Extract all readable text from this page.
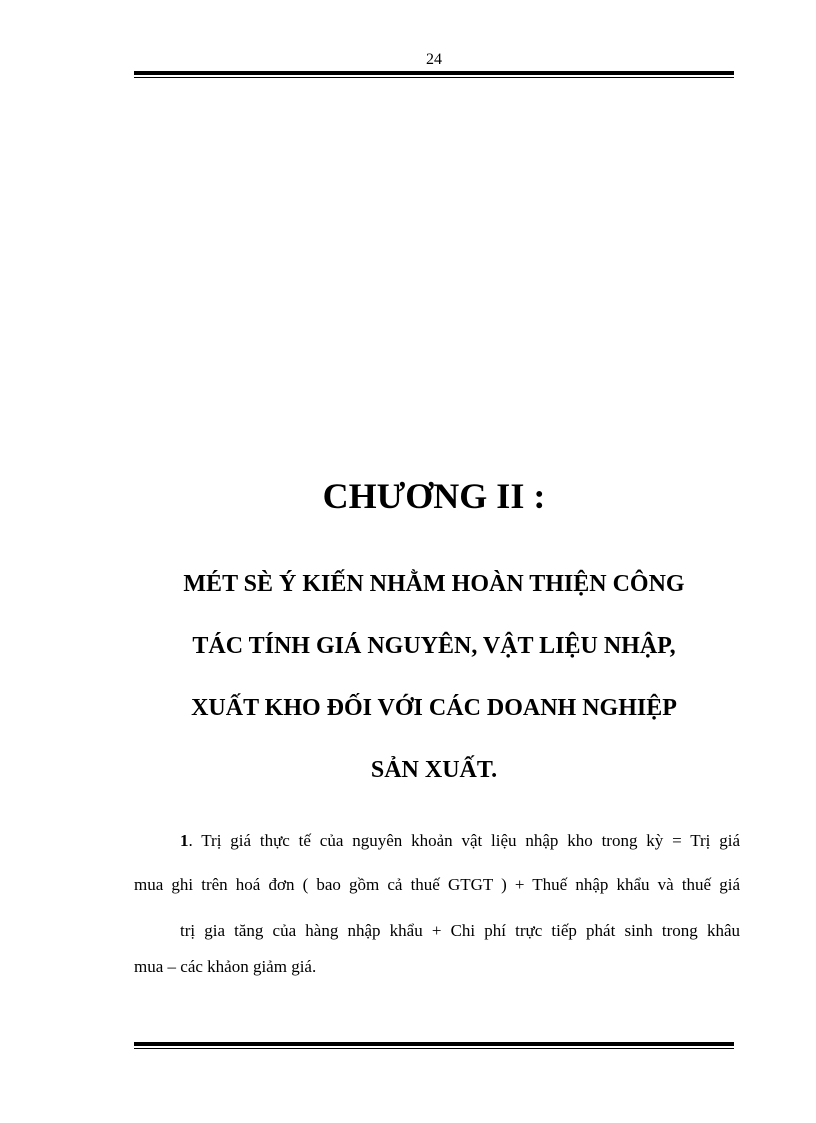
24
CHƯƠNG II :
MÉT SÈ Ý KIẾN NHẰM HOÀN THIỆN CÔNG
TÁC TÍNH GIÁ NGUYÊN, VẬT LIỆU NHẬP,
XUẤT KHO ĐỐI VỚI CÁC DOANH NGHIỆP
SẢN XUẤT.
1. Trị giá thực tế của nguyên khoản vật liệu nhập kho trong kỳ = Trị giá
mua ghi trên hoá đơn ( bao gồm cả thuế GTGT ) + Thuế nhập khẩu và thuế giá
trị gia tăng của hàng nhập khẩu + Chi phí trực tiếp phát sinh trong khâu
mua – các khảon giảm giá.
